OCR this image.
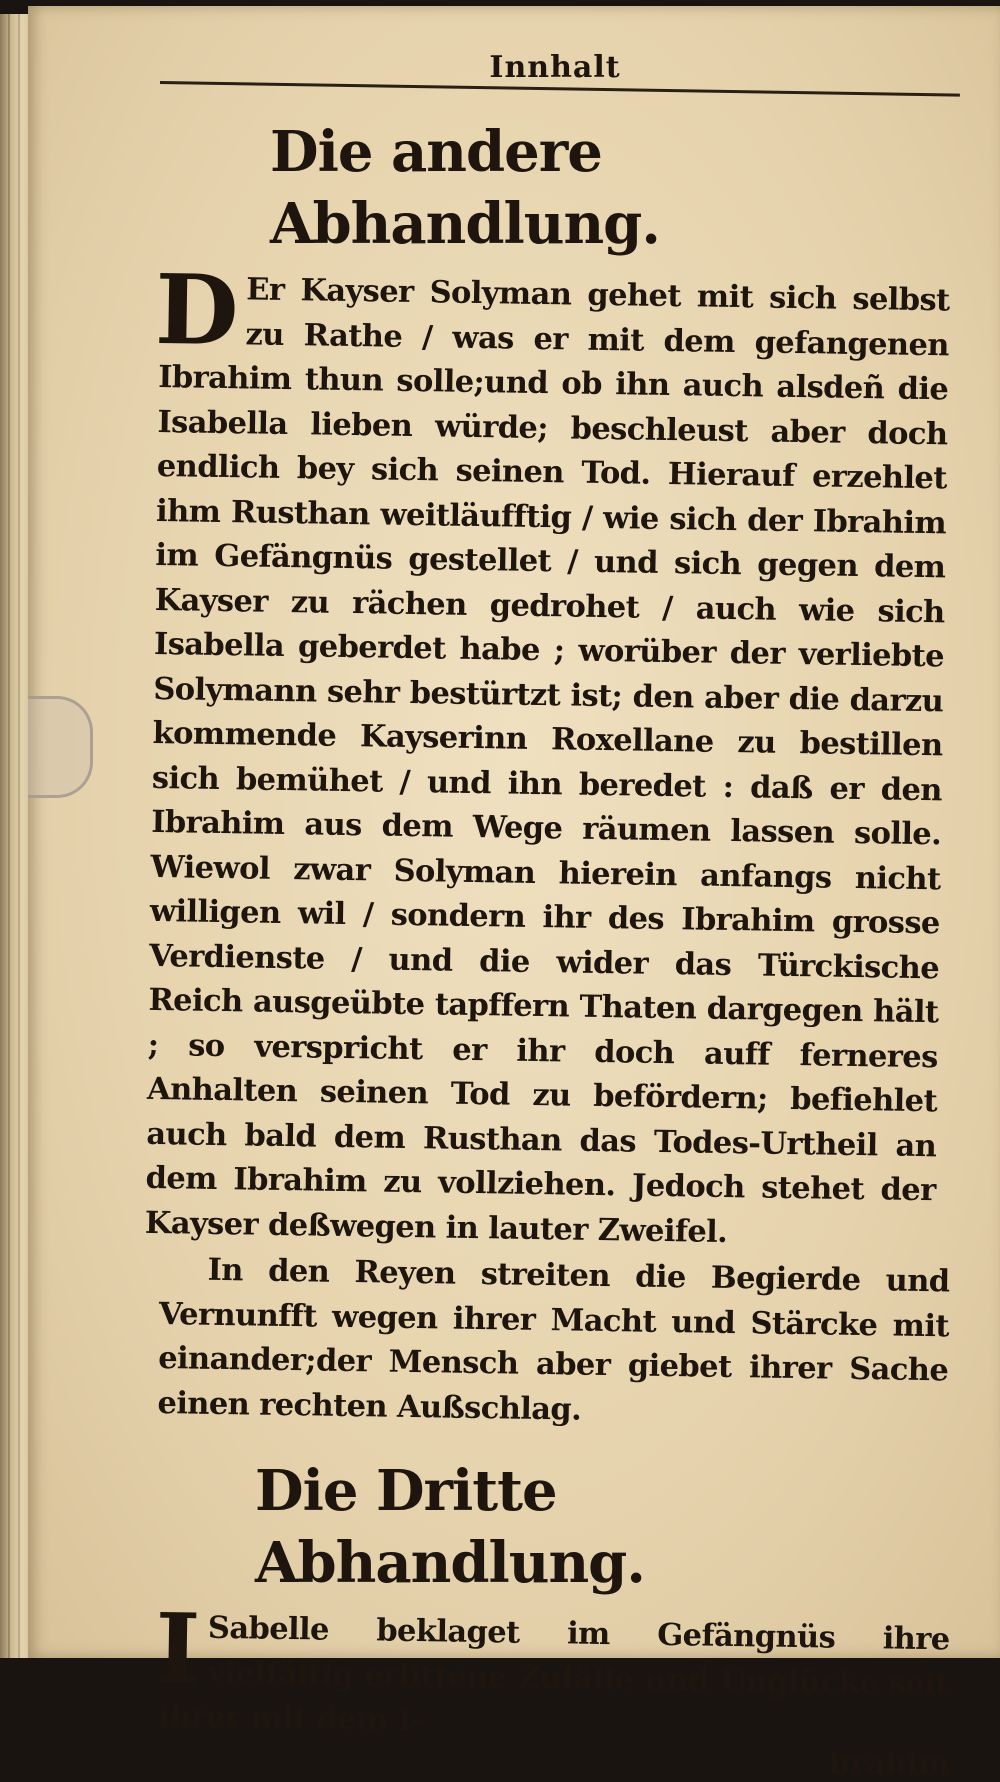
Innhalt
Die andere Abhandlung.
D Er Kayser Solyman gehet mit sich selbst zu Rathe / was er mit dem gefangenen Ibrahim thun solle;und ob ihn auch alsdeñ die Isabella lieben würde; beschleust aber doch endlich bey sich seinen Tod. Hierauf erzehlet ihm Rusthan weitläufftig / wie sich der Ibrahim im Gefängnüs gestellet / und sich gegen dem Kayser zu rächen gedrohet / auch wie sich Isabella geberdet habe ; worüber der verliebte Solymann sehr bestürtzt ist; den aber die darzu kommende Kayserinn Roxellane zu bestillen sich bemühet / und ihn beredet : daß er den Ibrahim aus dem Wege räumen lassen solle. Wiewol zwar Solyman hierein anfangs nicht willigen wil / sondern ihr des Ibrahim grosse Verdienste / und die wider das Türckische Reich ausgeübte tapffern Thaten dargegen hält ; so verspricht er ihr doch auff ferneres Anhalten seinen Tod zu befördern; befiehlet auch bald dem Rusthan das Todes-Urtheil an dem Ibrahim zu vollziehen. Jedoch stehet der Kayser deßwegen in lauter Zweifel.
In den Reyen streiten die Begierde und Vernunfft wegen ihrer Macht und Stärcke mit einander;der Mensch aber giebet ihrer Sache einen rechten Außschlag.
Die Dritte Abhandlung.
I Sabelle beklaget im Gefängnüs ihre vielfältig erlittene Zufälle und Unglücke seit ihrer mit dem I-
brahim
